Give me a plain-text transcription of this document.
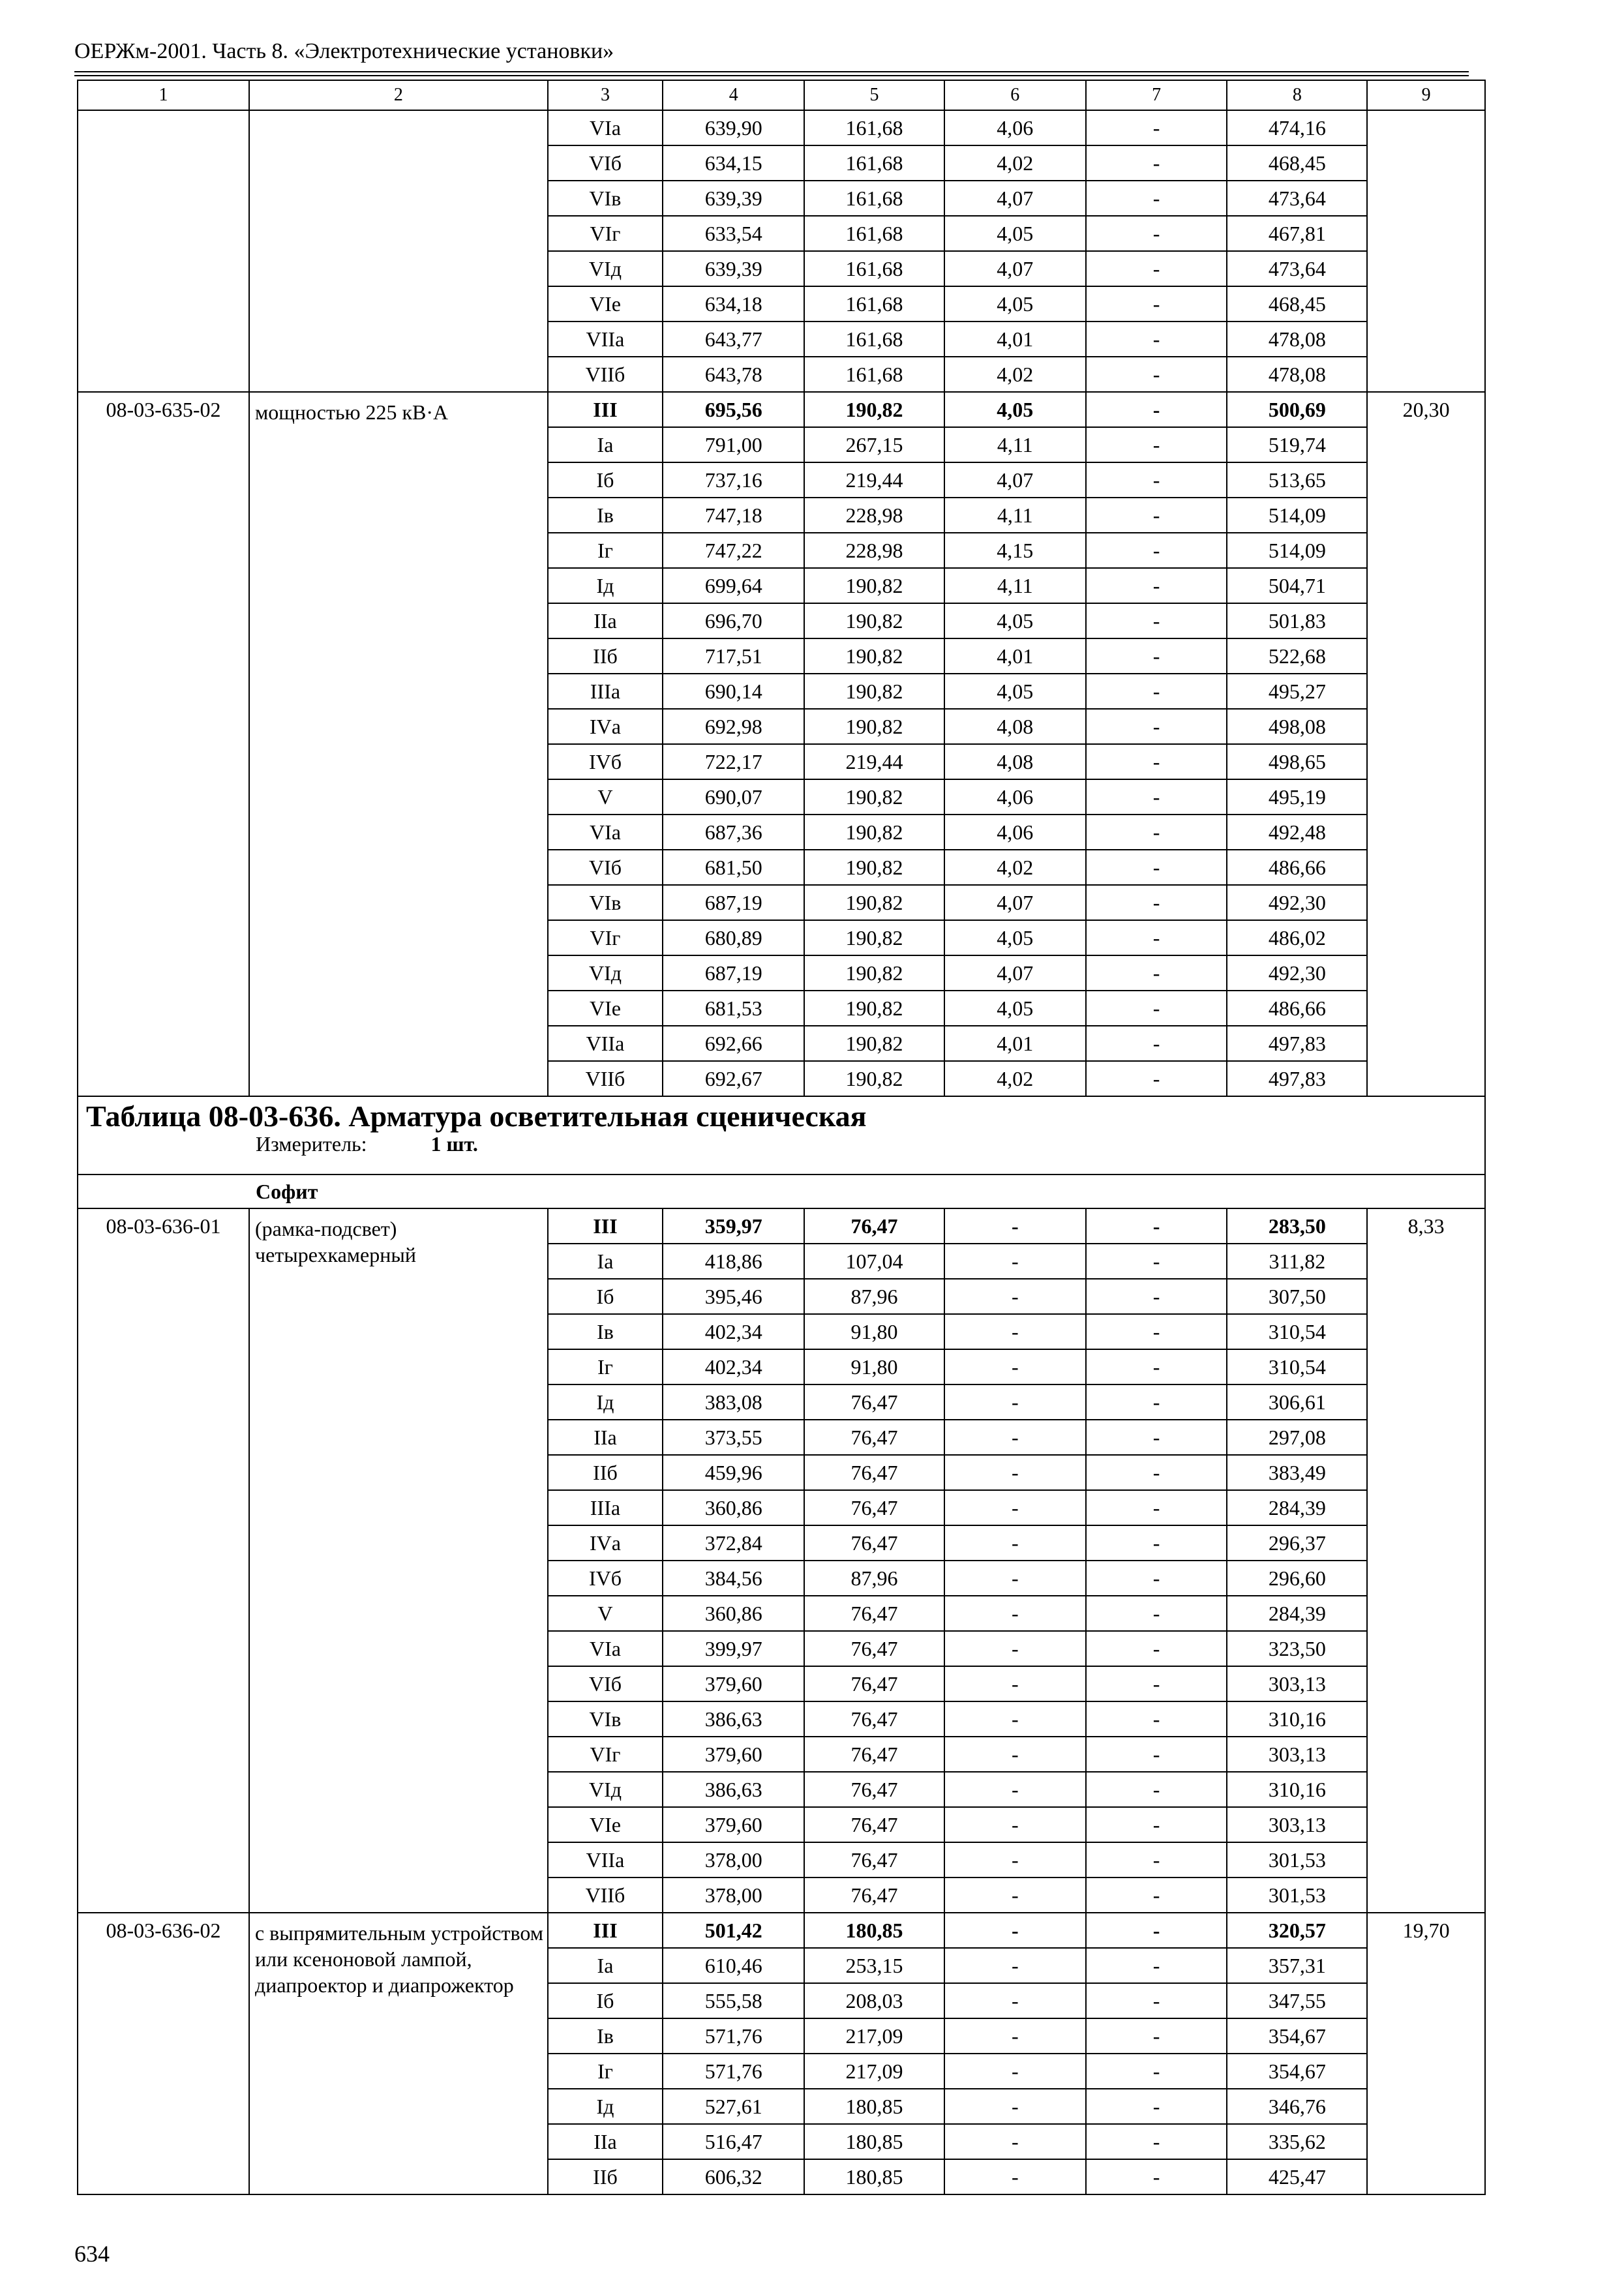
ОЕРЖм-2001. Часть 8. «Электротехнические установки»
1	2	3	4	5	6	7	8	9
		VIа	639,90	161,68	4,06	-	474,16	
		VIб	634,15	161,68	4,02	-	468,45	
		VIв	639,39	161,68	4,07	-	473,64	
		VIг	633,54	161,68	4,05	-	467,81	
		VIд	639,39	161,68	4,07	-	473,64	
		VIе	634,18	161,68	4,05	-	468,45	
		VIIа	643,77	161,68	4,01	-	478,08	
		VIIб	643,78	161,68	4,02	-	478,08	
08-03-635-02	мощностью 225 кВ·А	III	695,56	190,82	4,05	-	500,69	20,30
		Iа	791,00	267,15	4,11	-	519,74	
		Iб	737,16	219,44	4,07	-	513,65	
		Iв	747,18	228,98	4,11	-	514,09	
		Iг	747,22	228,98	4,15	-	514,09	
		Iд	699,64	190,82	4,11	-	504,71	
		IIа	696,70	190,82	4,05	-	501,83	
		IIб	717,51	190,82	4,01	-	522,68	
		IIIа	690,14	190,82	4,05	-	495,27	
		IVа	692,98	190,82	4,08	-	498,08	
		IVб	722,17	219,44	4,08	-	498,65	
		V	690,07	190,82	4,06	-	495,19	
		VIа	687,36	190,82	4,06	-	492,48	
		VIб	681,50	190,82	4,02	-	486,66	
		VIв	687,19	190,82	4,07	-	492,30	
		VIг	680,89	190,82	4,05	-	486,02	
		VIд	687,19	190,82	4,07	-	492,30	
		VIе	681,53	190,82	4,05	-	486,66	
		VIIа	692,66	190,82	4,01	-	497,83	
		VIIб	692,67	190,82	4,02	-	497,83	

Таблица 08-03-636. Арматура осветительная сценическая
Измеритель: 1 шт.								

Софит								
08-03-636-01	(рамка-подсвет) четырехкамерный	III	359,97	76,47	-	-	283,50	8,33
		Iа	418,86	107,04	-	-	311,82	
		Iб	395,46	87,96	-	-	307,50	
		Iв	402,34	91,80	-	-	310,54	
		Iг	402,34	91,80	-	-	310,54	
		Iд	383,08	76,47	-	-	306,61	
		IIа	373,55	76,47	-	-	297,08	
		IIб	459,96	76,47	-	-	383,49	
		IIIа	360,86	76,47	-	-	284,39	
		IVа	372,84	76,47	-	-	296,37	
		IVб	384,56	87,96	-	-	296,60	
		V	360,86	76,47	-	-	284,39	
		VIа	399,97	76,47	-	-	323,50	
		VIб	379,60	76,47	-	-	303,13	
		VIв	386,63	76,47	-	-	310,16	
		VIг	379,60	76,47	-	-	303,13	
		VIд	386,63	76,47	-	-	310,16	
		VIе	379,60	76,47	-	-	303,13	
		VIIа	378,00	76,47	-	-	301,53	
		VIIб	378,00	76,47	-	-	301,53	
08-03-636-02	с выпрямительным устройством или ксеноновой лампой, диапроектор и диапрожектор	III	501,42	180,85	-	-	320,57	19,70
		Iа	610,46	253,15	-	-	357,31	
		Iб	555,58	208,03	-	-	347,55	
		Iв	571,76	217,09	-	-	354,67	
		Iг	571,76	217,09	-	-	354,67	
		Iд	527,61	180,85	-	-	346,76	
		IIа	516,47	180,85	-	-	335,62	
		IIб	606,32	180,85	-	-	425,47	
634
